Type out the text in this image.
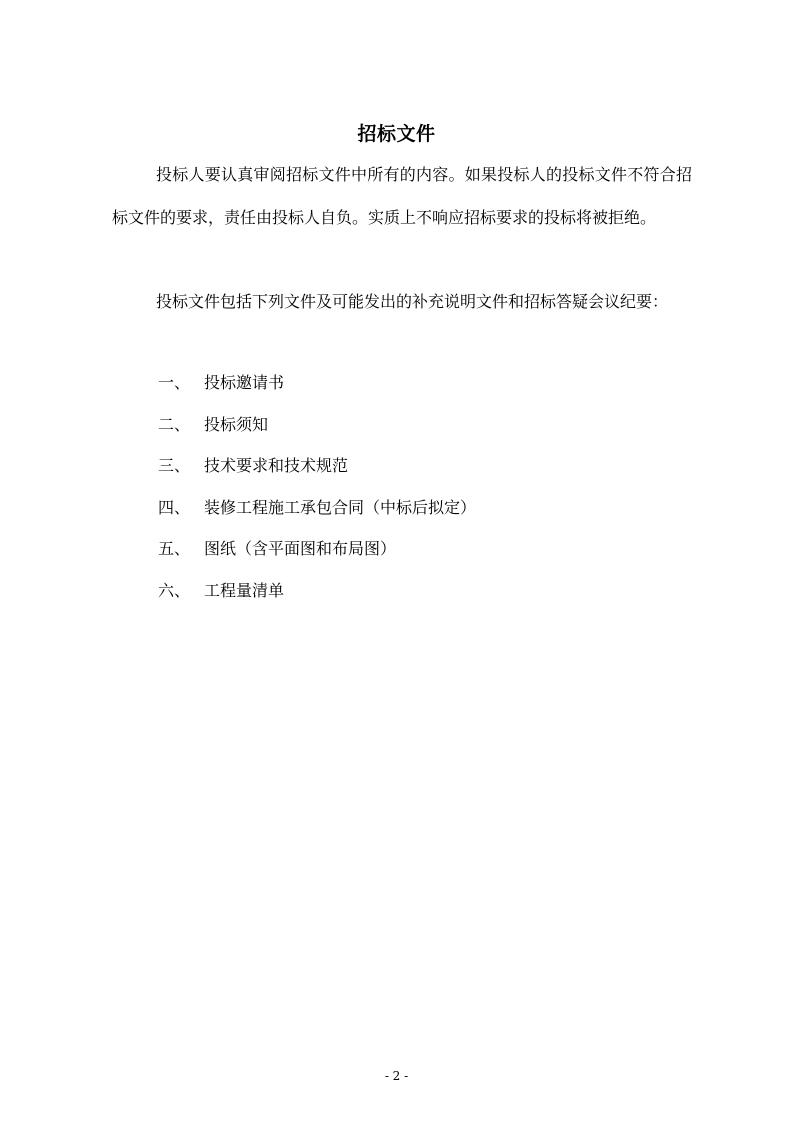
招标文件

投标人要认真审阅招标文件中所有的内容。如果投标人的投标文件不符合招标文件的要求，责任由投标人自负。实质上不响应招标要求的投标将被拒绝。

投标文件包括下列文件及可能发出的补充说明文件和招标答疑会议纪要：

一、 投标邀请书
二、 投标须知
三、 技术要求和技术规范
四、 装修工程施工承包合同（中标后拟定）
五、 图纸（含平面图和布局图）
六、 工程量清单
- 2 -
